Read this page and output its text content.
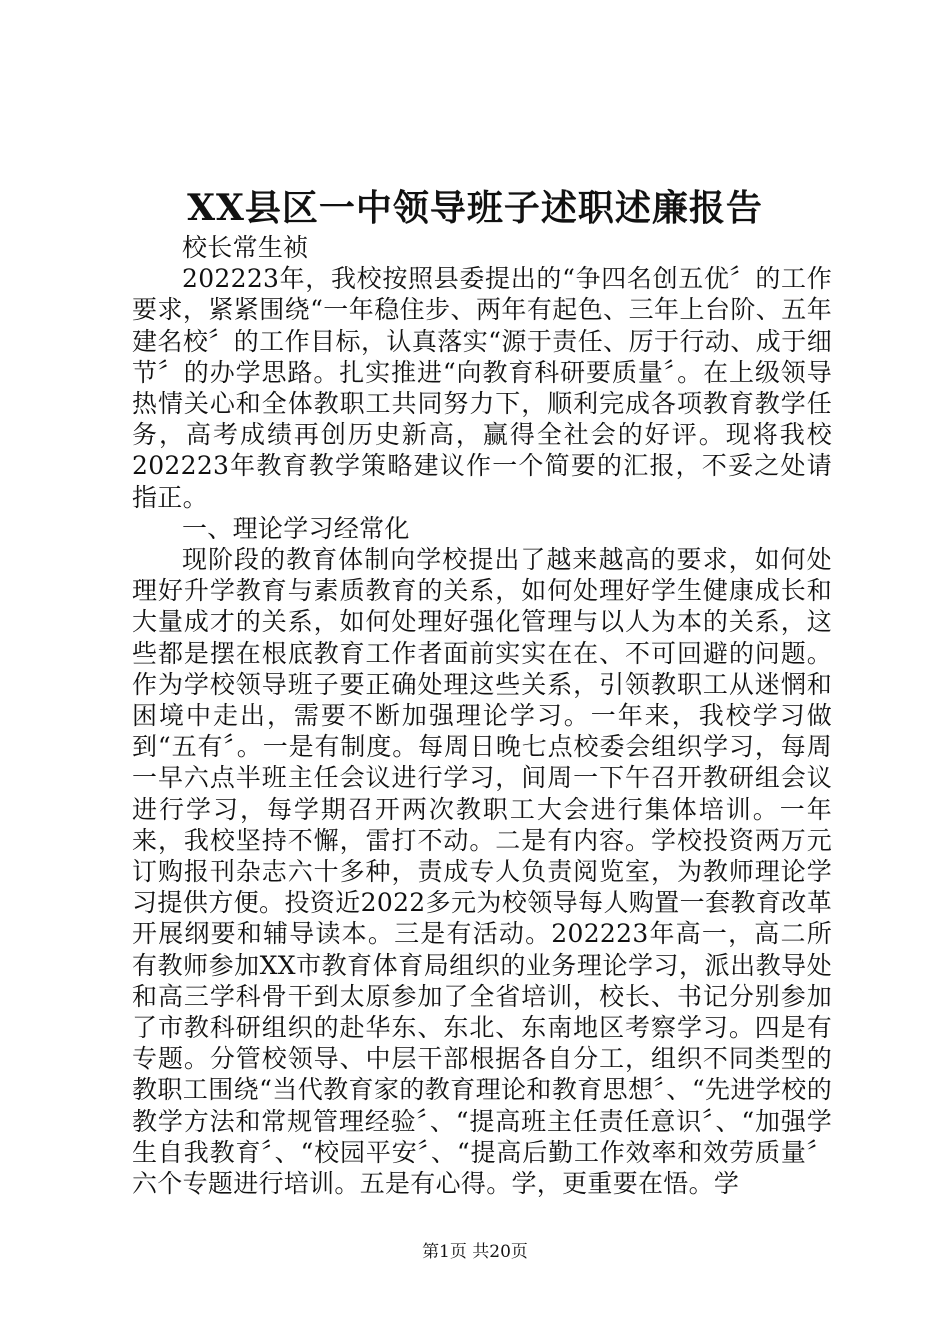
XX县区一中领导班子述职述廉报告

校长常生祯

202223年，我校按照县委提出的“争四名创五优〞的工作要求，紧紧围绕“一年稳住步、两年有起色、三年上台阶、五年建名校〞的工作目标，认真落实“源于责任、厉于行动、成于细节〞的办学思路。扎实推进“向教育科研要质量〞。在上级领导热情关心和全体教职工共同努力下，顺利完成各项教育教学任务，高考成绩再创历史新高，赢得全社会的好评。现将我校202223年教育教学策略建议作一个简要的汇报，不妥之处请指正。

一、理论学习经常化

现阶段的教育体制向学校提出了越来越高的要求，如何处理好升学教育与素质教育的关系，如何处理好学生健康成长和大量成才的关系，如何处理好强化管理与以人为本的关系，这些都是摆在根底教育工作者面前实实在在、不可回避的问题。作为学校领导班子要正确处理这些关系，引领教职工从迷惘和困境中走出，需要不断加强理论学习。一年来，我校学习做到“五有〞。一是有制度。每周日晚七点校委会组织学习，每周一早六点半班主任会议进行学习，间周一下午召开教研组会议进行学习，每学期召开两次教职工大会进行集体培训。一年来，我校坚持不懈，雷打不动。二是有内容。学校投资两万元订购报刊杂志六十多种，责成专人负责阅览室，为教师理论学习提供方便。投资近2022多元为校领导每人购置一套教育改革开展纲要和辅导读本。三是有活动。202223年高一，高二所有教师参加XX市教育体育局组织的业务理论学习，派出教导处和高三学科骨干到太原参加了全省培训，校长、书记分别参加了市教科研组织的赴华东、东北、东南地区考察学习。四是有专题。分管校领导、中层干部根据各自分工，组织不同类型的教职工围绕“当代教育家的教育理论和教育思想〞、“先进学校的教学方法和常规管理经验〞、“提高班主任责任意识〞、“加强学生自我教育〞、“校园平安〞、“提高后勤工作效率和效劳质量〞六个专题进行培训。五是有心得。学，更重要在悟。学

第1页 共20页
